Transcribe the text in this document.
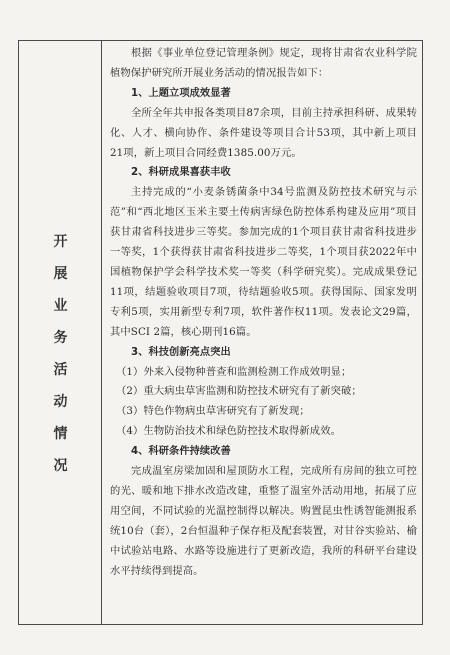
开
展
业
务
活
动
情
况

根据《事业单位登记管理条例》规定，现将甘肃省农业科学院植物保护研究所开展业务活动的情况报告如下：

1、上题立项成效显著

全所全年共申报各类项目87余项，目前主持承担科研、成果转化、人才、横向协作、条件建设等项目合计53项，其中新上项目21项，新上项目合同经费1385.00万元。

2、科研成果喜获丰收

主持完成的“小麦条锈菌条中34号监测及防控技术研究与示范”和“西北地区玉米主要土传病害绿色防控体系构建及应用”项目获甘肃省科技进步三等奖。参加完成的1个项目获甘肃省科技进步一等奖，1个获得获甘肃省科技进步二等奖，1个项目获2022年中国植物保护学会科学技术奖一等奖（科学研究奖）。完成成果登记11项，结题验收项目7项，待结题验收5项。获得国际、国家发明专利5项，实用新型专利7项，软件著作权11项。发表论文29篇，其中SCI 2篇，核心期刊16篇。

3、科技创新亮点突出

（1）外来入侵物种普查和监测检测工作成效明显；

（2）重大病虫草害监测和防控技术研究有了新突破；

（3）特色作物病虫草害研究有了新发现；

（4）生物防治技术和绿色防控技术取得新成效。

4、科研条件持续改善

完成温室房梁加固和屋顶防水工程，完成所有房间的独立可控的光、暖和地下排水改造改建，重整了温室外活动用地，拓展了应用空间，不同试验的光温控制得以解决。购置昆虫性诱智能测报系统10台（套），2台恒温种子保存柜及配套装置，对甘谷实验站、榆中试验站电路、水路等设施进行了更新改造，我所的科研平台建设水平持续得到提高。
